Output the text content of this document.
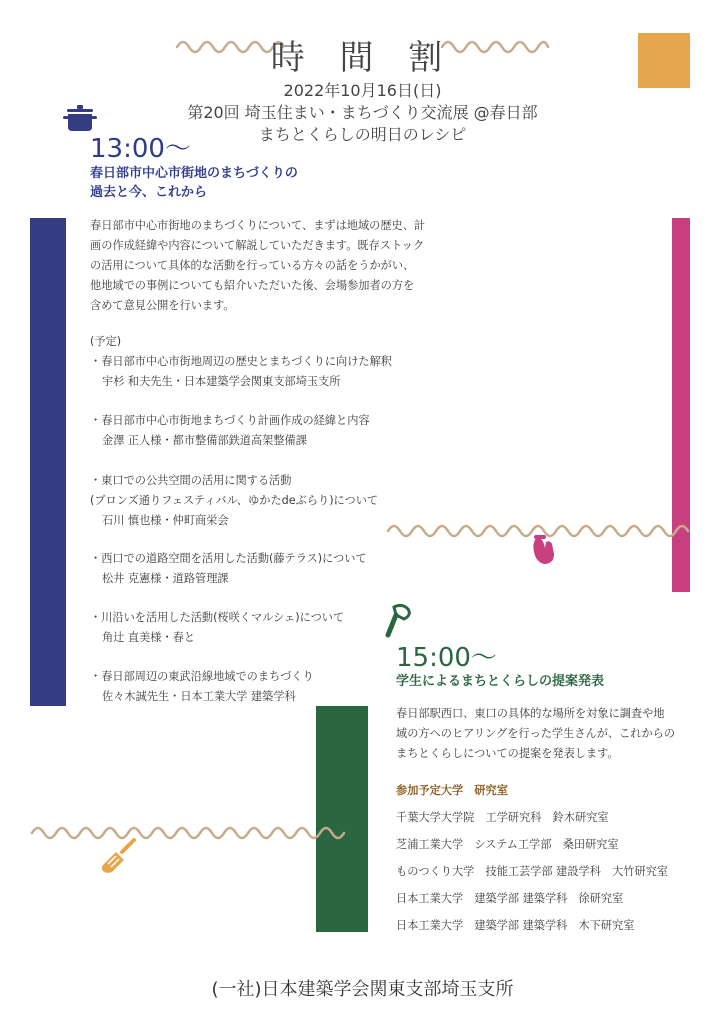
時 間 割
2022年10月16日(日)
第20回 埼玉住まい・まちづくり交流展 @春日部
まちとくらしの明日のレシピ
13:00〜
春日部市中心市街地のまちづくりの
過去と今、これから
春日部市中心市街地のまちづくりについて、まずは地域の歴史、計
画の作成経緯や内容について解説していただきます。既存ストック
の活用について具体的な活動を行っている方々の話をうかがい、
他地域での事例についても紹介いただいた後、会場参加者の方を
含めて意見公開を行います。
(予定)
・春日部市中心市街地周辺の歴史とまちづくりに向けた解釈
宇杉 和夫先生・日本建築学会関東支部埼玉支所
・春日部市中心市街地まちづくり計画作成の経緯と内容
金澤 正人様・都市整備部鉄道高架整備課
・東口での公共空間の活用に関する活動
(ブロンズ通りフェスティバル、ゆかたdeぶらり)について
石川 慎也様・仲町商栄会
・西口での道路空間を活用した活動(藤テラス)について
松井 克憲様・道路管理課
・川沿いを活用した活動(桜咲くマルシェ)について
角辻 直美様・春と
・春日部周辺の東武沿線地域でのまちづくり
佐々木誠先生・日本工業大学 建築学科
15:00〜
学生によるまちとくらしの提案発表
春日部駅西口、東口の具体的な場所を対象に調査や地
域の方へのヒアリングを行った学生さんが、これからの
まちとくらしについての提案を発表します。
参加予定大学　研究室
千葉大学大学院　工学研究科　鈴木研究室
芝浦工業大学　システム工学部　桑田研究室
ものつくり大学　技能工芸学部 建設学科　大竹研究室
日本工業大学　建築学部 建築学科　徐研究室
日本工業大学　建築学部 建築学科　木下研究室
(一社)日本建築学会関東支部埼玉支所
